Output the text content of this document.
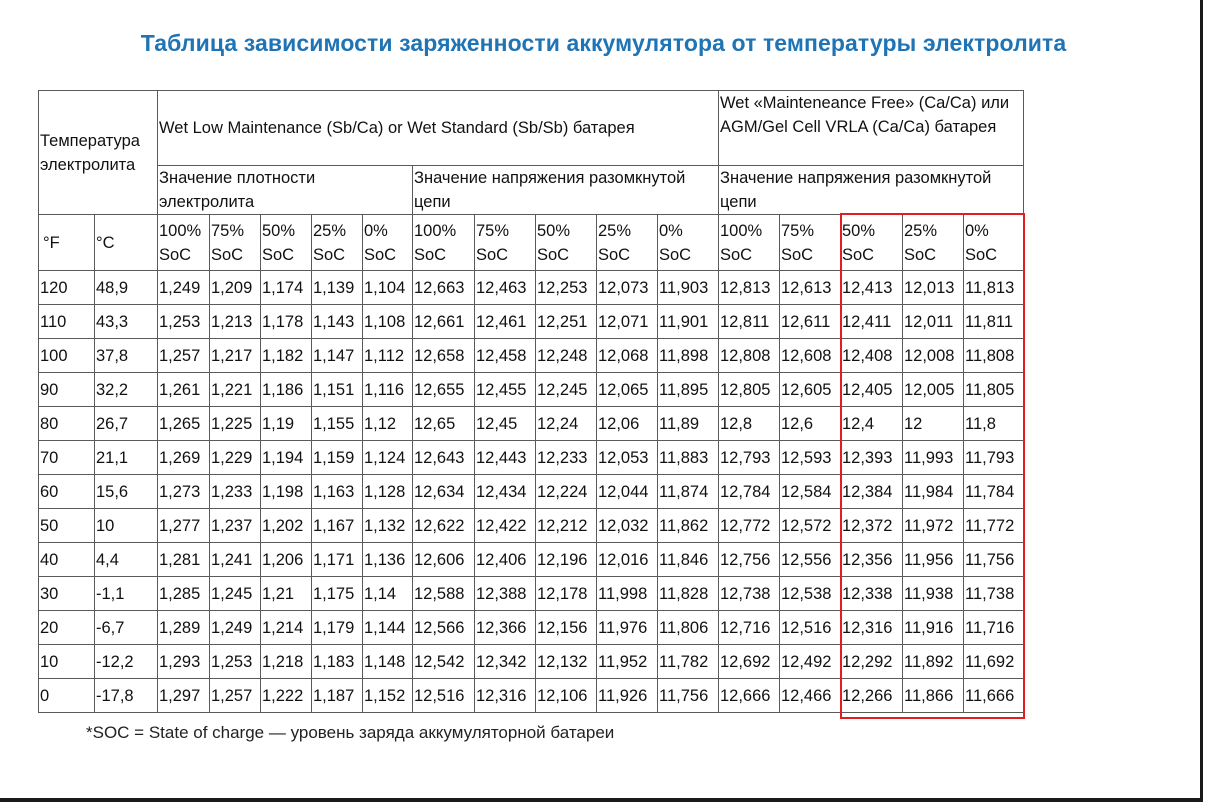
Таблица зависимости заряженности аккумулятора от температуры электролита
Температура электролита		Wet Low Maintenance (Sb/Ca) or Wet Standard (Sb/Sb) батарея										Wet «Mainteneance Free» (Ca/Ca) или AGM/Gel Cell VRLA (Ca/Ca) батарея				
		Значение плотности электролита					Значение напряжения разомкнутой цепи					Значение напряжения разомкнутой цепи				
°F	°C	100% SoC	75% SoC	50% SoC	25% SoC	0% SoC	100% SoC	75% SoC	50% SoC	25% SoC	0% SoC	100% SoC	75% SoC	50% SoC	25% SoC	0% SoC
120	48,9	1,249	1,209	1,174	1,139	1,104	12,663	12,463	12,253	12,073	11,903	12,813	12,613	12,413	12,013	11,813
110	43,3	1,253	1,213	1,178	1,143	1,108	12,661	12,461	12,251	12,071	11,901	12,811	12,611	12,411	12,011	11,811
100	37,8	1,257	1,217	1,182	1,147	1,112	12,658	12,458	12,248	12,068	11,898	12,808	12,608	12,408	12,008	11,808
90	32,2	1,261	1,221	1,186	1,151	1,116	12,655	12,455	12,245	12,065	11,895	12,805	12,605	12,405	12,005	11,805
80	26,7	1,265	1,225	1,19	1,155	1,12	12,65	12,45	12,24	12,06	11,89	12,8	12,6	12,4	12	11,8
70	21,1	1,269	1,229	1,194	1,159	1,124	12,643	12,443	12,233	12,053	11,883	12,793	12,593	12,393	11,993	11,793
60	15,6	1,273	1,233	1,198	1,163	1,128	12,634	12,434	12,224	12,044	11,874	12,784	12,584	12,384	11,984	11,784
50	10	1,277	1,237	1,202	1,167	1,132	12,622	12,422	12,212	12,032	11,862	12,772	12,572	12,372	11,972	11,772
40	4,4	1,281	1,241	1,206	1,171	1,136	12,606	12,406	12,196	12,016	11,846	12,756	12,556	12,356	11,956	11,756
30	-1,1	1,285	1,245	1,21	1,175	1,14	12,588	12,388	12,178	11,998	11,828	12,738	12,538	12,338	11,938	11,738
20	-6,7	1,289	1,249	1,214	1,179	1,144	12,566	12,366	12,156	11,976	11,806	12,716	12,516	12,316	11,916	11,716
10	-12,2	1,293	1,253	1,218	1,183	1,148	12,542	12,342	12,132	11,952	11,782	12,692	12,492	12,292	11,892	11,692
0	-17,8	1,297	1,257	1,222	1,187	1,152	12,516	12,316	12,106	11,926	11,756	12,666	12,466	12,266	11,866	11,666
*SOC = State of charge — уровень заряда аккумуляторной батареи
